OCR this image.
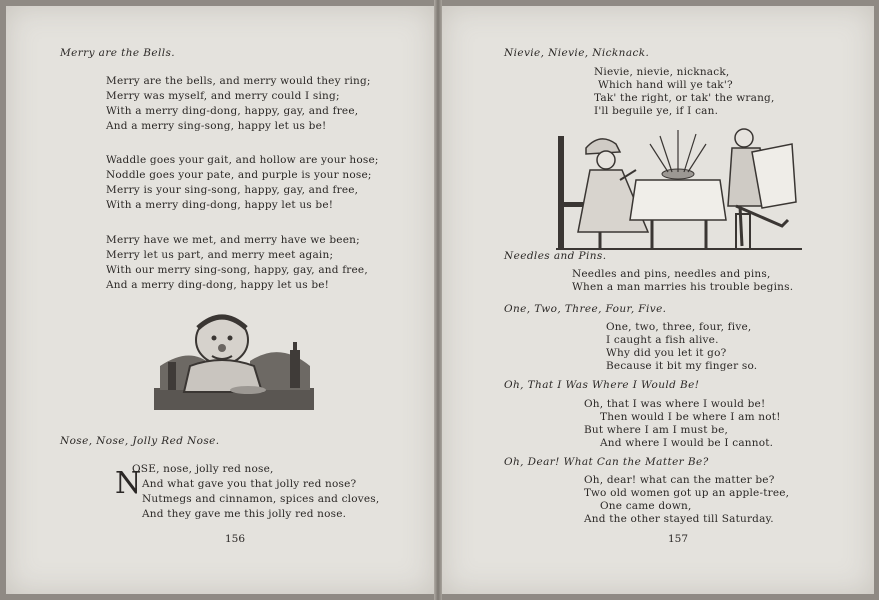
Merry are the Bells.
Merry are the bells, and merry would they ring;
Merry was myself, and merry could I sing;
With a merry ding-dong, happy, gay, and free,
And a merry sing-song, happy let us be!
Waddle goes your gait, and hollow are your hose;
Noddle goes your pate, and purple is your nose;
Merry is your sing-song, happy, gay, and free,
With a merry ding-dong, happy let us be!
Merry have we met, and merry have we been;
Merry let us part, and merry meet again;
With our merry sing-song, happy, gay, and free,
And a merry ding-dong, happy let us be!
Nose, Nose, Jolly Red Nose.
N
OSE, nose, jolly red nose,
And what gave you that jolly red nose?
Nutmegs and cinnamon, spices and cloves,
And they gave me this jolly red nose.
156
Nievie, Nievie, Nicknack.
Nievie, nievie, nicknack,
Which hand will ye tak'?
Tak' the right, or tak' the wrang,
I'll beguile ye, if I can.
Needles and Pins.
Needles and pins, needles and pins,
When a man marries his trouble begins.
One, Two, Three, Four, Five.
One, two, three, four, five,
I caught a fish alive.
Why did you let it go?
Because it bit my finger so.
Oh, That I Was Where I Would Be!
Oh, that I was where I would be!
Then would I be where I am not!
But where I am I must be,
And where I would be I cannot.
Oh, Dear! What Can the Matter Be?
Oh, dear! what can the matter be?
Two old women got up an apple-tree,
One came down,
And the other stayed till Saturday.
157
